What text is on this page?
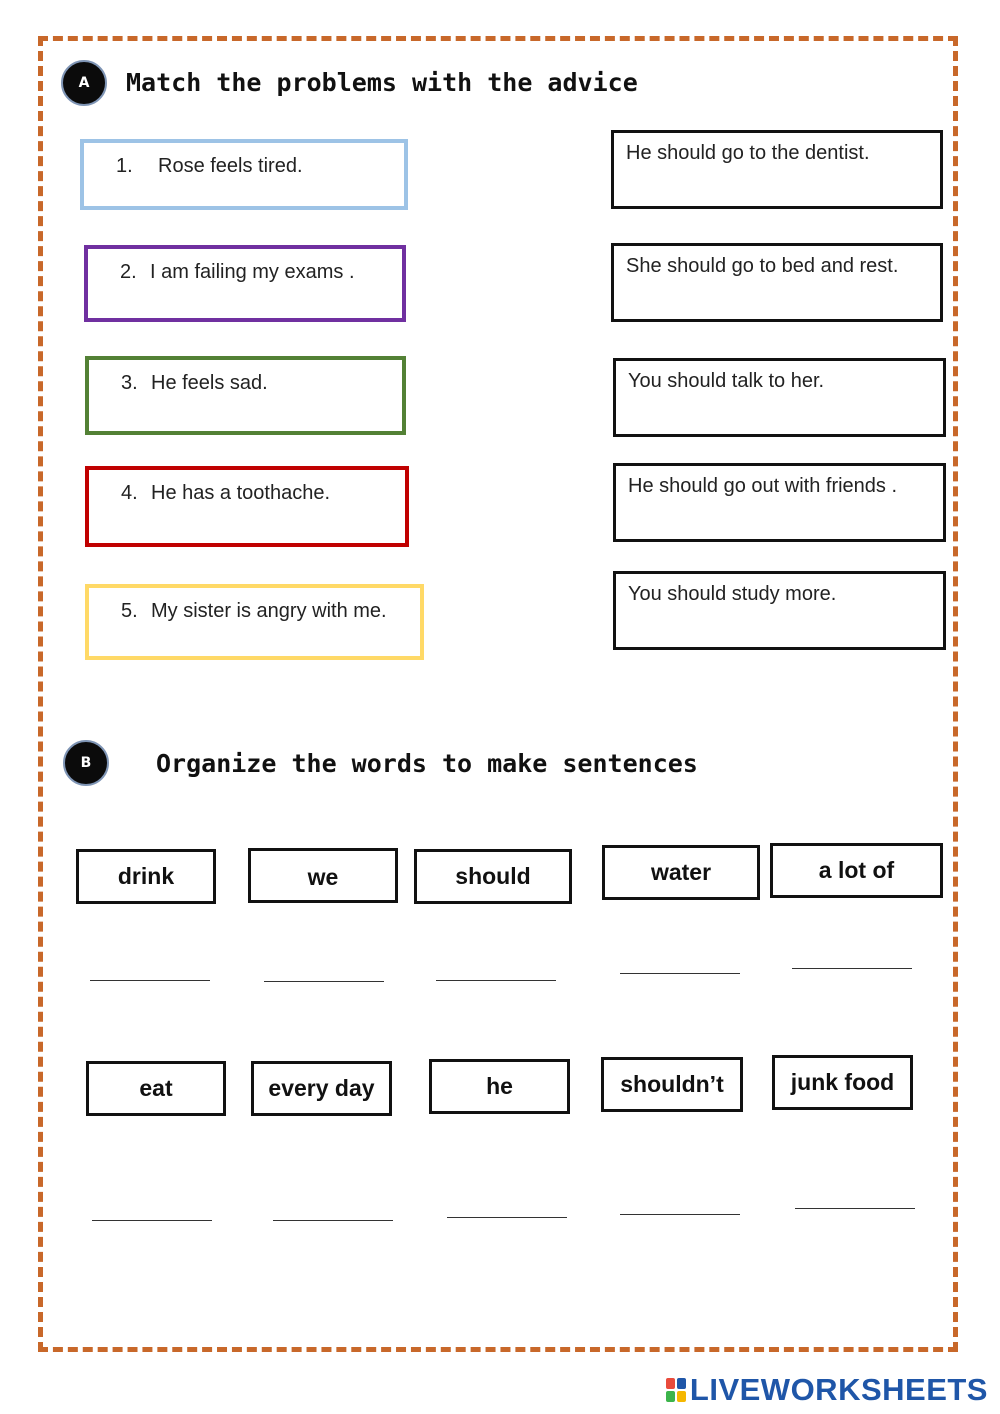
A Match the problems with the advice
1. Rose feels tired.
2. I am failing my exams .
3. He feels sad.
4. He has a toothache.
5. My sister is angry with me.
He should go to the dentist.
She should go to bed and rest.
You should talk to her.
He should go out with friends .
You should study more.
B	Organize the words to make sentences
drink	we	should	water	a lot of
eat	every day	he	shouldn’t	junk food
LIVEWORKSHEETS
